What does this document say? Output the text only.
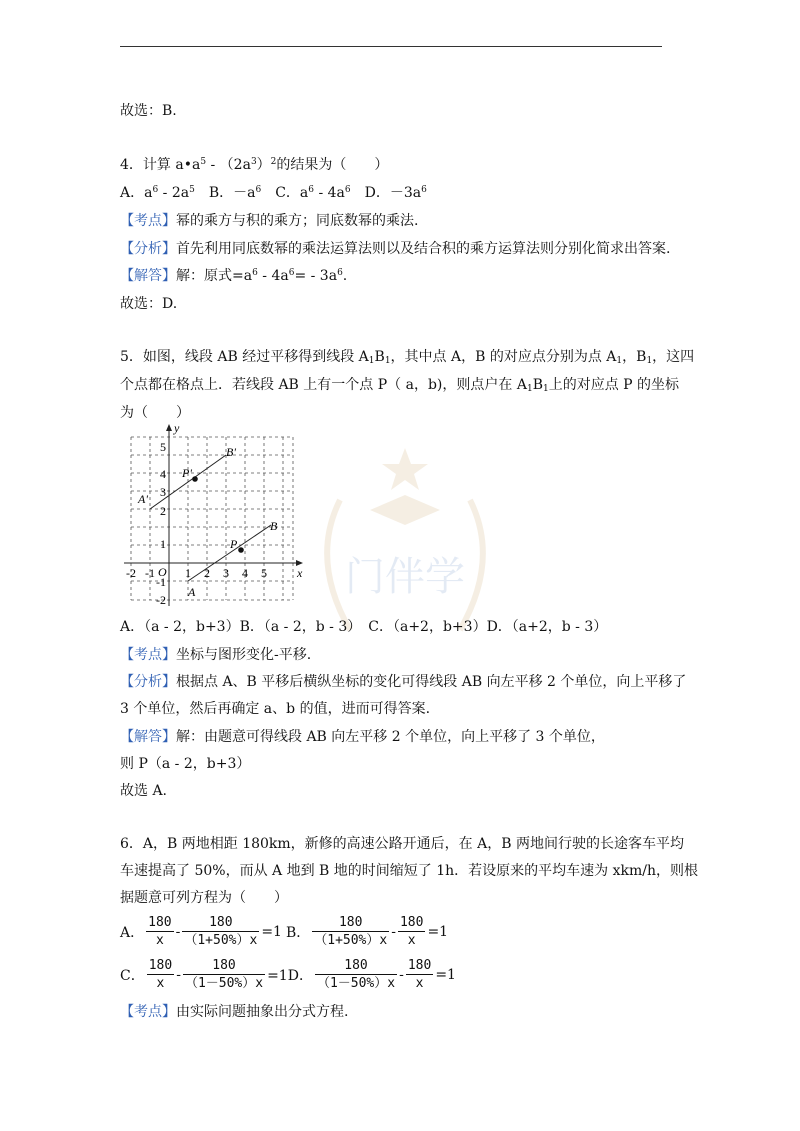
故选：B.
4．计算 $a•a^5 - (2a^3)^2$的结果为（　　）
A．$a^6 - 2a^5$　B．$-a^6$　C．$a^6 - 4a^6$　D．$-3a^6$
【考点】幂的乘方与积的乘方；同底数幂的乘法.
【分析】首先利用同底数幂的乘法运算法则以及结合积的乘方运算法则分别化简求出答案.
【解答】解：原式$=a^6 - 4a^6= - 3a^6$.
故选：D.
5．如图，线段 AB 经过平移得到线段 $A_1B_1$，其中点 A，B 的对应点分别为点 $A_1$，$B_1$，这四
个点都在格点上．若线段 AB 上有一个点 P（ a，b)，则点户在 $A_1B_1$上的对应点 P 的坐标
为（　　）
y
x
O
-2 -1	1 2 3 4 5
5
4
3
2
1
-1
-2
A
B
P
A'
B'
P'
门伴学
A．（a - 2，b+3）B．（a - 2，b - 3）　C．（a+2，b+3）D．（a+2，b - 3）
【考点】坐标与图形变化-平移.
【分析】根据点 A、B 平移后横纵坐标的变化可得线段 AB 向左平移 2 个单位，向上平移了
3 个单位，然后再确定 a、b 的值，进而可得答案.
【解答】解：由题意可得线段 AB 向左平移 2 个单位，向上平移了 3 个单位，
则 P（a - 2，b+3）
故选 A.
6．A，B 两地相距 180km，新修的高速公路开通后，在 A，B 两地间行驶的长途客车平均
车速提高了 50%，而从 A 地到 B 地的时间缩短了 1h．若设原来的平均车速为 xkm/h，则根
据题意可列方程为（　　）
A． $\frac{180}{x} - \frac{180}{(1+50\%)x} =1$ B． $\frac{180}{(1+50\%)x} - \frac{180}{x} =1$
C． $\frac{180}{x} - \frac{180}{(1-50\%)x} =1D$． $\frac{180}{(1-50\%)x} - \frac{180}{x} =1$
【考点】由实际问题抽象出分式方程.
